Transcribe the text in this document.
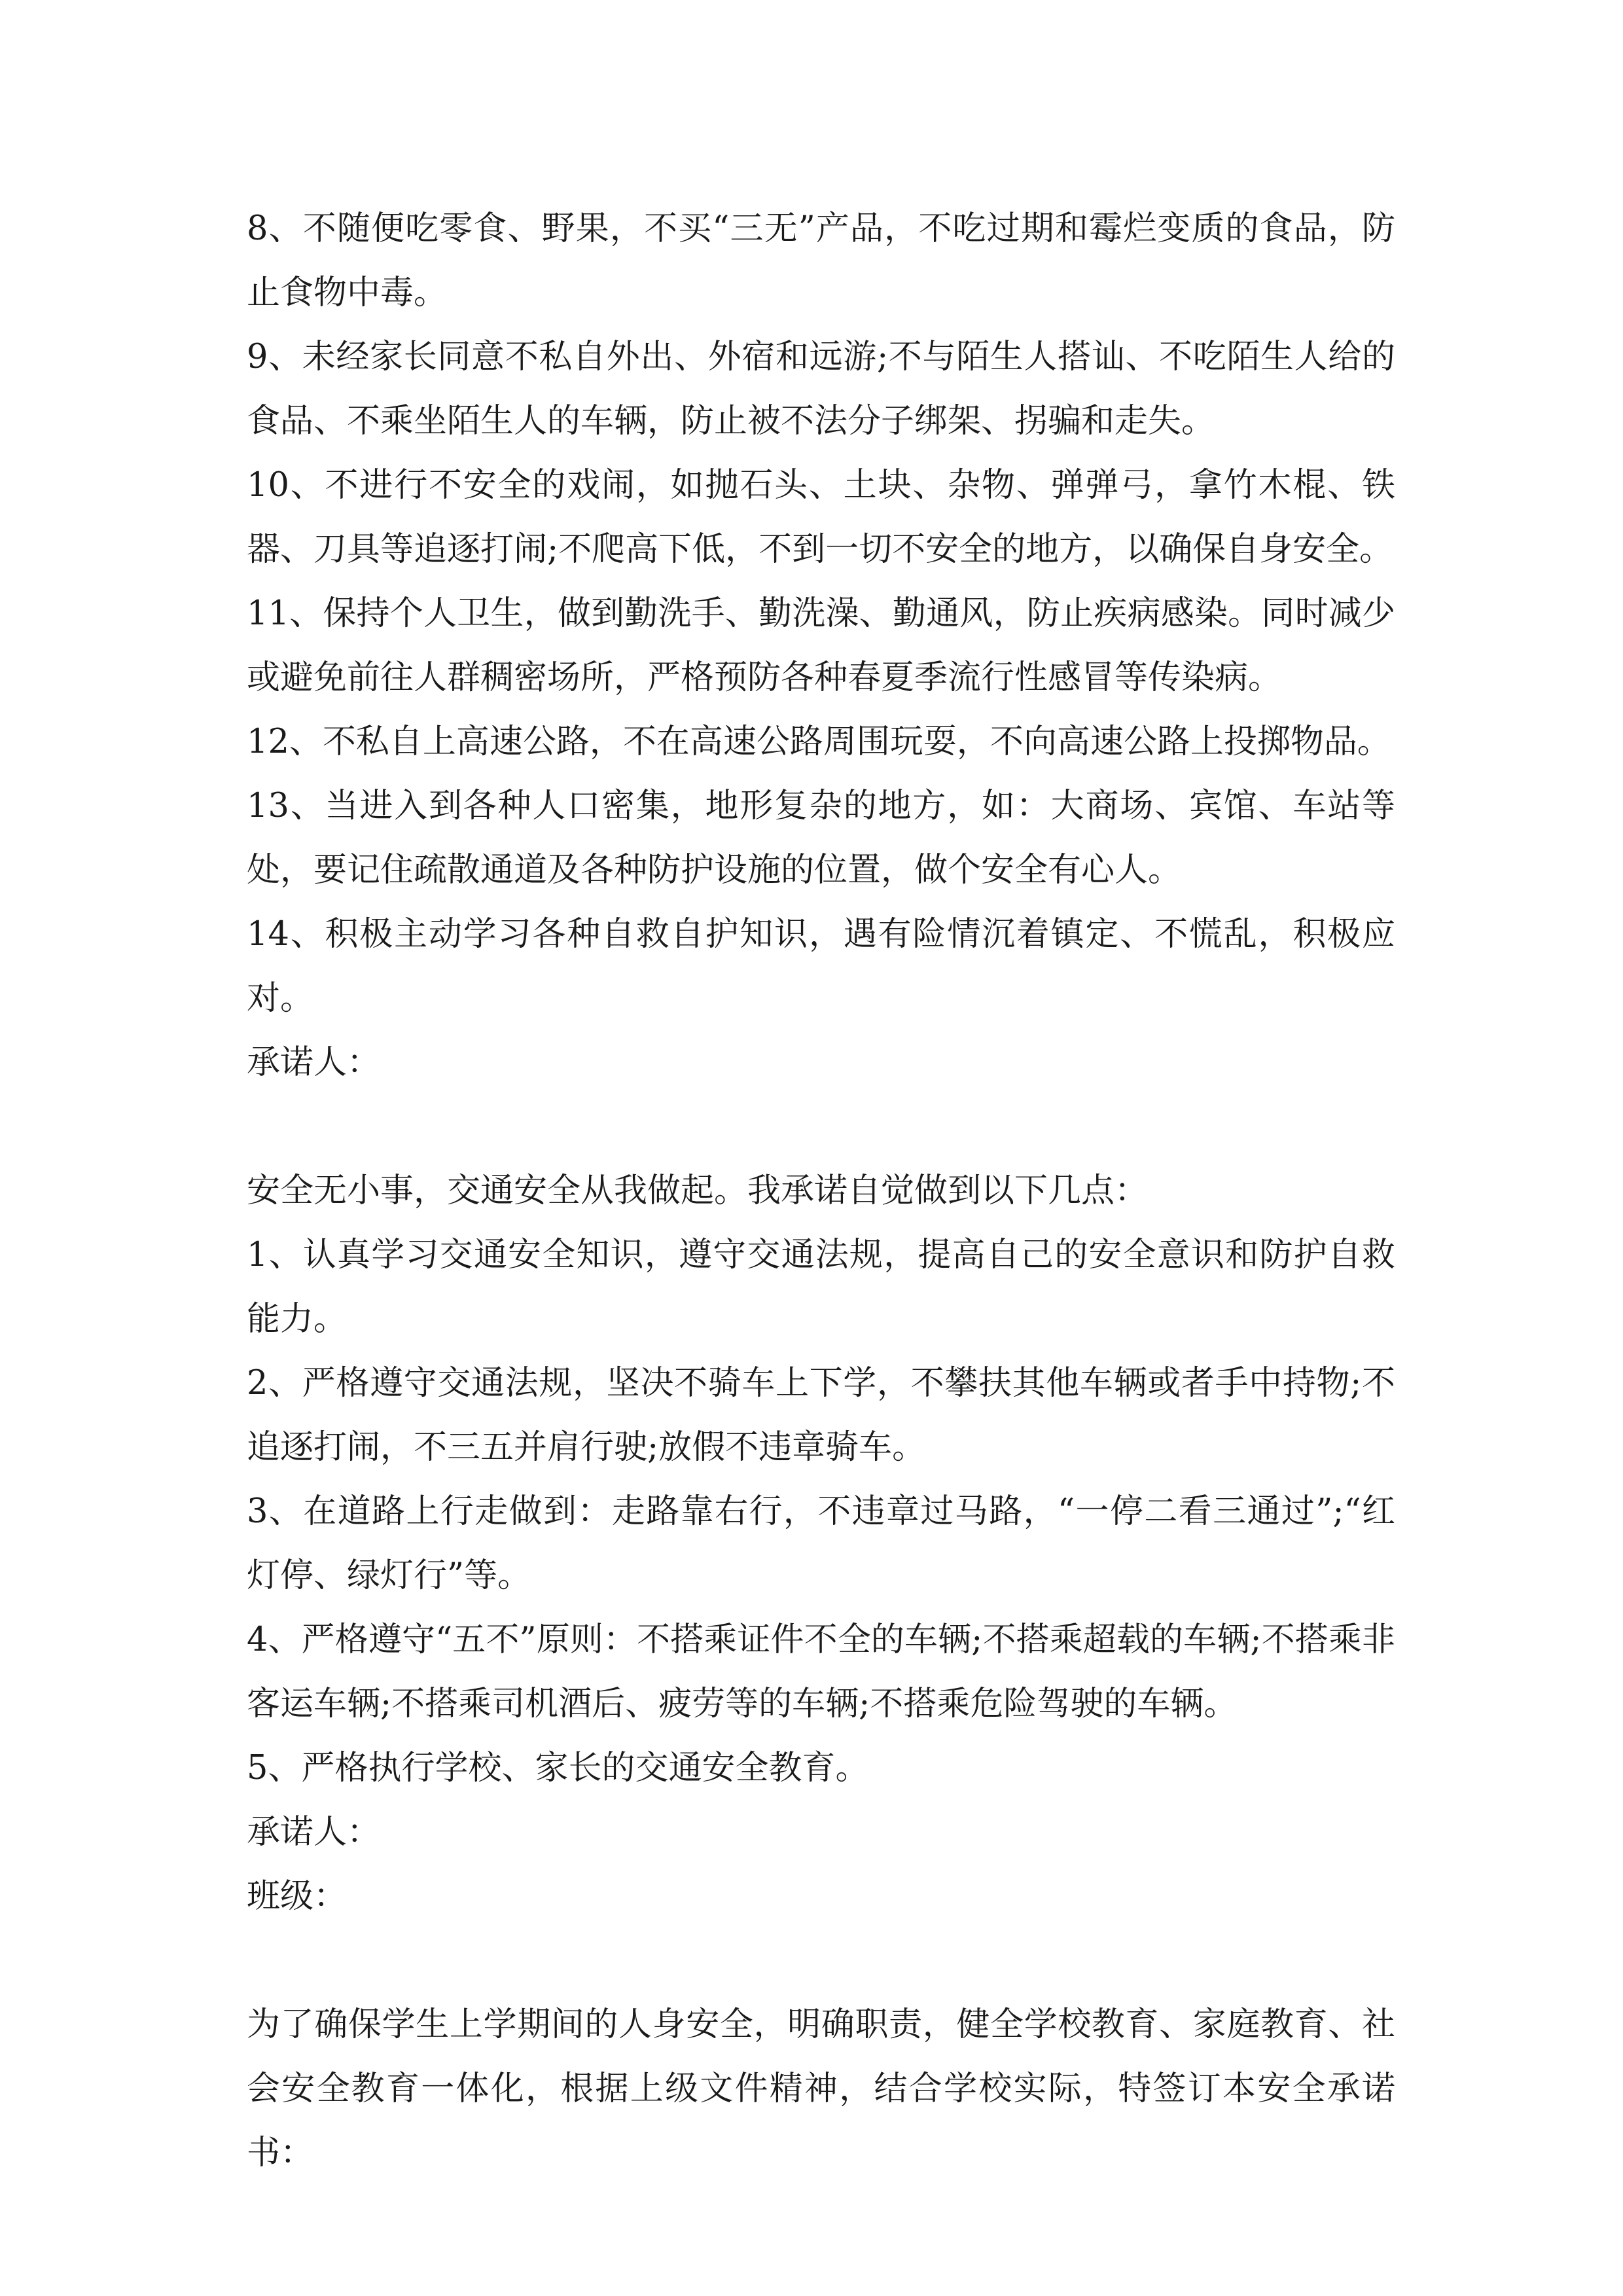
8、不随便吃零食、野果，不买“三无”产品，不吃过期和霉烂变质的食品，防止食物中毒。

9、未经家长同意不私自外出、外宿和远游;不与陌生人搭讪、不吃陌生人给的食品、不乘坐陌生人的车辆，防止被不法分子绑架、拐骗和走失。

10、不进行不安全的戏闹，如抛石头、土块、杂物、弹弹弓，拿竹木棍、铁器、刀具等追逐打闹;不爬高下低，不到一切不安全的地方，以确保自身安全。

11、保持个人卫生，做到勤洗手、勤洗澡、勤通风，防止疾病感染。同时减少或避免前往人群稠密场所，严格预防各种春夏季流行性感冒等传染病。

12、不私自上高速公路，不在高速公路周围玩耍，不向高速公路上投掷物品。

13、当进入到各种人口密集，地形复杂的地方，如：大商场、宾馆、车站等处，要记住疏散通道及各种防护设施的位置，做个安全有心人。

14、积极主动学习各种自救自护知识，遇有险情沉着镇定、不慌乱，积极应对。

承诺人：

安全无小事，交通安全从我做起。我承诺自觉做到以下几点：

1、认真学习交通安全知识，遵守交通法规，提高自己的安全意识和防护自救能力。

2、严格遵守交通法规，坚决不骑车上下学，不攀扶其他车辆或者手中持物;不追逐打闹，不三五并肩行驶;放假不违章骑车。

3、在道路上行走做到：走路靠右行，不违章过马路，“一停二看三通过”;“红灯停、绿灯行”等。

4、严格遵守“五不”原则：不搭乘证件不全的车辆;不搭乘超载的车辆;不搭乘非客运车辆;不搭乘司机酒后、疲劳等的车辆;不搭乘危险驾驶的车辆。

5、严格执行学校、家长的交通安全教育。

承诺人：

班级：

为了确保学生上学期间的人身安全，明确职责，健全学校教育、家庭教育、社会安全教育一体化，根据上级文件精神，结合学校实际，特签订本安全承诺书：
